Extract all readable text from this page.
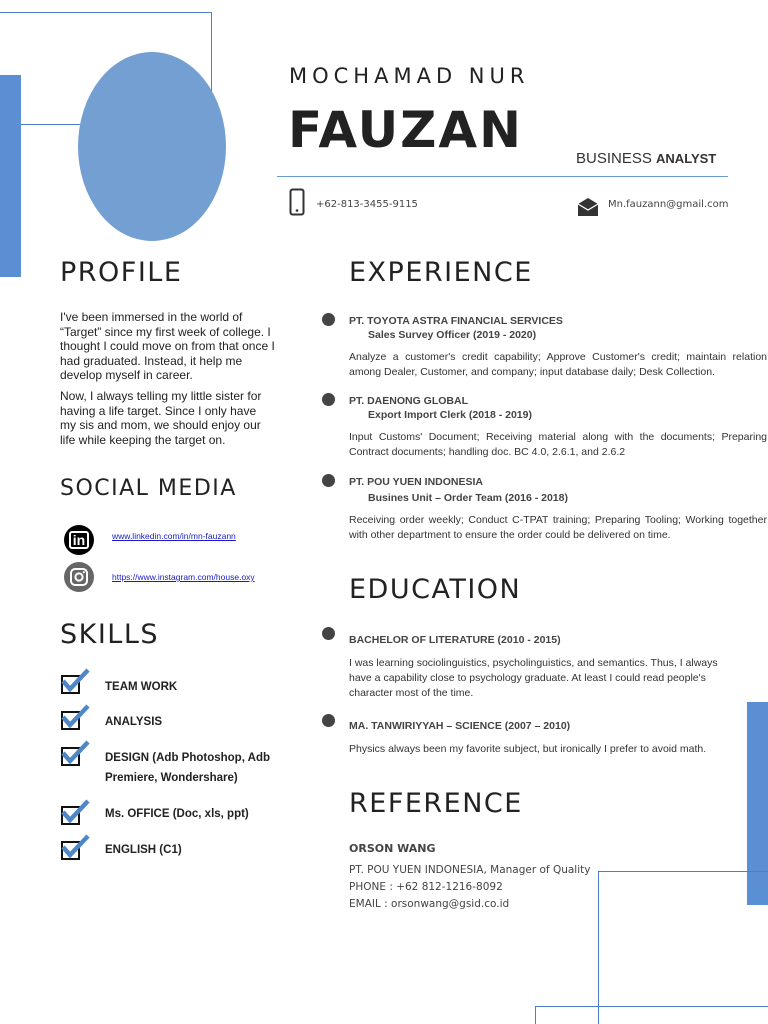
MOCHAMAD NUR
FAUZAN	BUSINESS ANALYST
+62-813-3455-9115	Mn.fauzann@gmail.com
PROFILE
I've been immersed in the world of “Target” since my first week of college. I thought I could move on from that once I had graduated. Instead, it help me develop myself in career.
Now, I always telling my little sister for having a life target. Since I only have my sis and mom, we should enjoy our life while keeping the target on.
SOCIAL MEDIA
in	www.linkedin.com/in/mn-fauzann
https://www.instagram.com/house.oxy
SKILLS
TEAM WORK
ANALYSIS
DESIGN (Adb Photoshop, Adb Premiere, Wondershare)
Ms. OFFICE (Doc, xls, ppt)
ENGLISH (C1)
EXPERIENCE
PT. TOYOTA ASTRA FINANCIAL SERVICES
Sales Survey Officer (2019 - 2020)
Analyze a customer's credit capability; Approve Customer's credit; maintain relation among Dealer, Customer, and company; input database daily; Desk Collection.
PT. DAENONG GLOBAL
Export Import Clerk (2018 - 2019)
Input Customs' Document; Receiving material along with the documents; Preparing Contract documents; handling doc. BC 4.0, 2.6.1, and 2.6.2
PT. POU YUEN INDONESIA
Busines Unit – Order Team (2016 - 2018)
Receiving order weekly; Conduct C-TPAT training; Preparing Tooling; Working together with other department to ensure the order could be delivered on time.
EDUCATION
BACHELOR OF LITERATURE (2010 - 2015)
I was learning sociolinguistics, psycholinguistics, and semantics. Thus, I always have a capability close to psychology graduate. At least I could read people's character most of the time.
MA. TANWIRIYYAH – SCIENCE (2007 – 2010)
Physics always been my favorite subject, but ironically I prefer to avoid math.
REFERENCE
ORSON WANG
PT. POU YUEN INDONESIA, Manager of Quality
PHONE : +62 812-1216-8092
EMAIL : orsonwang@gsid.co.id
